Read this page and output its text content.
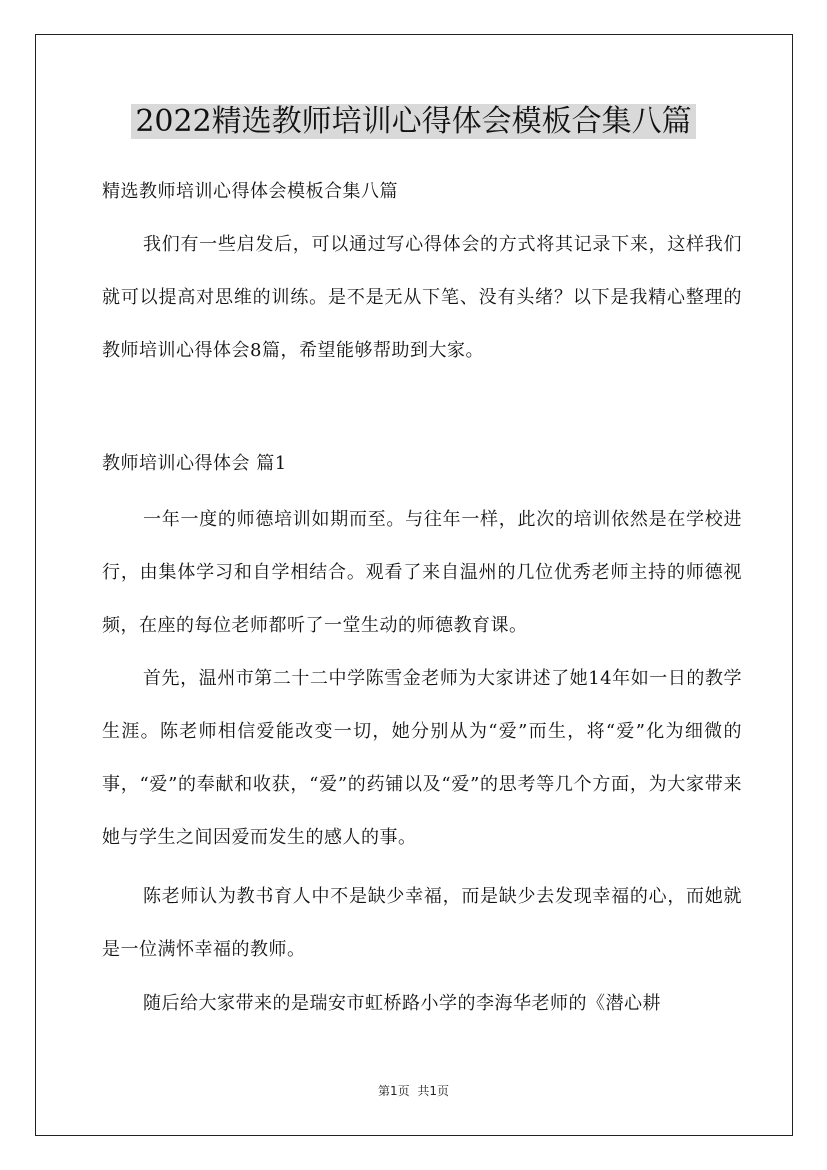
2022精选教师培训心得体会模板合集八篇

精选教师培训心得体会模板合集八篇

我们有一些启发后，可以通过写心得体会的方式将其记录下来，这样我们就可以提高对思维的训练。是不是无从下笔、没有头绪？以下是我精心整理的教师培训心得体会8篇，希望能够帮助到大家。

教师培训心得体会 篇1

一年一度的师德培训如期而至。与往年一样，此次的培训依然是在学校进行，由集体学习和自学相结合。观看了来自温州的几位优秀老师主持的师德视频，在座的每位老师都听了一堂生动的师德教育课。

首先，温州市第二十二中学陈雪金老师为大家讲述了她14年如一日的教学生涯。陈老师相信爱能改变一切，她分别从为“爱”而生，将“爱”化为细微的事，“爱”的奉献和收获，“爱”的药铺以及“爱”的思考等几个方面，为大家带来她与学生之间因爱而发生的感人的事。

陈老师认为教书育人中不是缺少幸福，而是缺少去发现幸福的心，而她就是一位满怀幸福的教师。

随后给大家带来的是瑞安市虹桥路小学的李海华老师的《潜心耕

第1页 共1页
